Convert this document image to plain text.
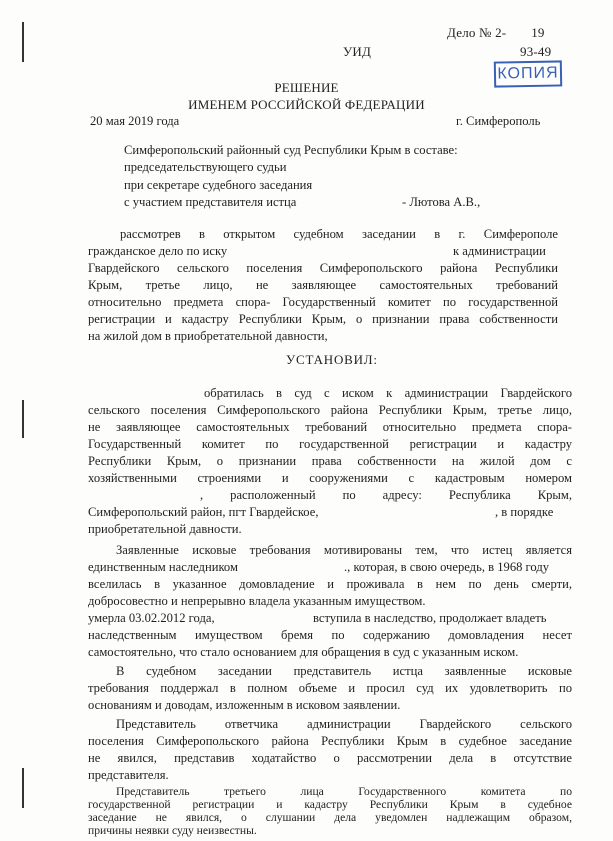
Дело № 2- 19
УИД	93-49
КОПИЯ
РЕШЕНИЕ
ИМЕНЕМ РОССИЙСКОЙ ФЕДЕРАЦИИ
20 мая 2019 года	г. Симферополь
Симферопольский районный суд Республики Крым в составе:
председательствующего судьи
при секретаре судебного заседания
с участием представителя истца	- Лютова А.В.,
рассмотрев в открытом судебном заседании в г. Симферополе
гражданское дело по иску	к администрации
Гвардейского сельского поселения Симферопольского района Республики
Крым, третье лицо, не заявляющее самостоятельных требований
относительно предмета спора- Государственный комитет по государственной
регистрации и кадастру Республики Крым, о признании права собственности
на жилой дом в приобретательной давности,
УСТАНОВИЛ:
обратилась в суд с иском к администрации Гвардейского
сельского поселения Симферопольского района Республики Крым, третье лицо,
не заявляющее самостоятельных требований относительно предмета спора-
Государственный комитет по государственной регистрации и кадастру
Республики Крым, о признании права собственности на жилой дом с
хозяйственными строениями и сооружениями с кадастровым номером
, расположенный по адресу: Республика Крым,
Симферопольский район, пгт Гвардейское,	, в порядке
приобретательной давности.
Заявленные исковые требования мотивированы тем, что истец является
единственным наследником	., которая, в свою очередь, в 1968 году
вселилась в указанное домовладение и проживала в нем по день смерти,
добросовестно и непрерывно владела указанным имуществом.
умерла 03.02.2012 года,	вступила в наследство, продолжает владеть
наследственным имуществом бремя по содержанию домовладения несет
самостоятельно, что стало основанием для обращения в суд с указанным иском.
В судебном заседании представитель истца заявленные исковые
требования поддержал в полном объеме и просил суд их удовлетворить по
основаниям и доводам, изложенным в исковом заявлении.
Представитель ответчика администрации Гвардейского сельского
поселения Симферопольского района Республики Крым в судебное заседание
не явился, представив ходатайство о рассмотрении дела в отсутствие
представителя.
Представитель третьего лица Государственного комитета по
государственной регистрации и кадастру Республики Крым в судебное
заседание не явился, о слушании дела уведомлен надлежащим образом,
причины неявки суду неизвестны.
